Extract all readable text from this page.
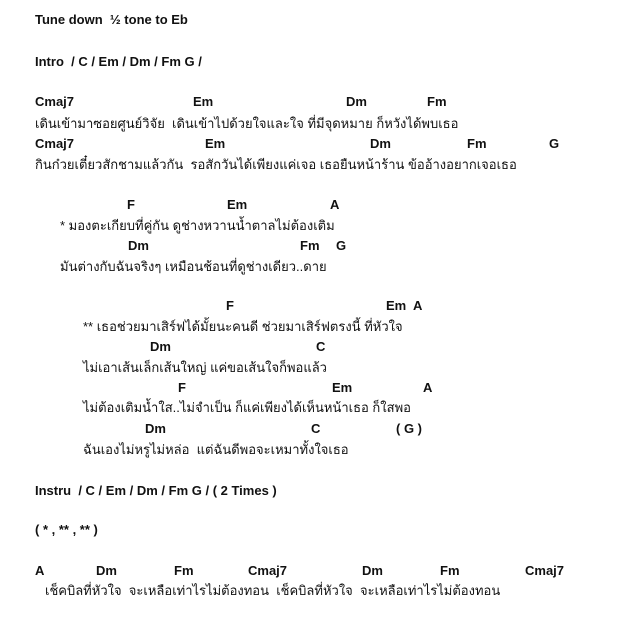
Tune down  ½ tone to Eb
Intro  / C / Em / Dm / Fm G /
Cmaj7	Em	Dm	Fm
เดินเข้ามาซอยศูนย์วิจัย  เดินเข้าไปด้วยใจและใจ ที่มีจุดหมาย ก็หวังได้พบเธอ
Cmaj7	Em	Dm	Fm	G
กินก๋วยเตี๋ยวสักชามแล้วกัน  รอสักวันได้เพียงแค่เจอ เธอยืนหน้าร้าน ข้ออ้างอยากเจอเธอ
F	Em	A
* มองตะเกียบที่คู่กัน ดูช่างหวานน้ำตาลไม่ต้องเติม
Dm	Fm G
มันต่างกับฉันจริงๆ เหมือนช้อนที่ดูช่างเดียว..ดาย
F	Em A
** เธอช่วยมาเสิร์ฟได้มั้ยนะคนดี ช่วยมาเสิร์ฟตรงนี้ ที่หัวใจ
Dm	C
ไม่เอาเส้นเล็กเส้นใหญ่ แค่ขอเส้นใจก็พอแล้ว
F	Em	A
ไม่ต้องเติมน้ำใส..ไม่จำเป็น ก็แค่เพียงได้เห็นหน้าเธอ ก็ใสพอ
Dm	C	( G )
ฉันเองไม่หรูไม่หล่อ  แต่ฉันดีพอจะเหมาทั้งใจเธอ
Instru  / C / Em / Dm / Fm G / ( 2 Times )
( * , ** , ** )
A	Dm	Fm	Cmaj7	Dm	Fm	Cmaj7
เช็คบิลที่หัวใจ  จะเหลือเท่าไรไม่ต้องทอน  เช็คบิลที่หัวใจ  จะเหลือเท่าไรไม่ต้องทอน
